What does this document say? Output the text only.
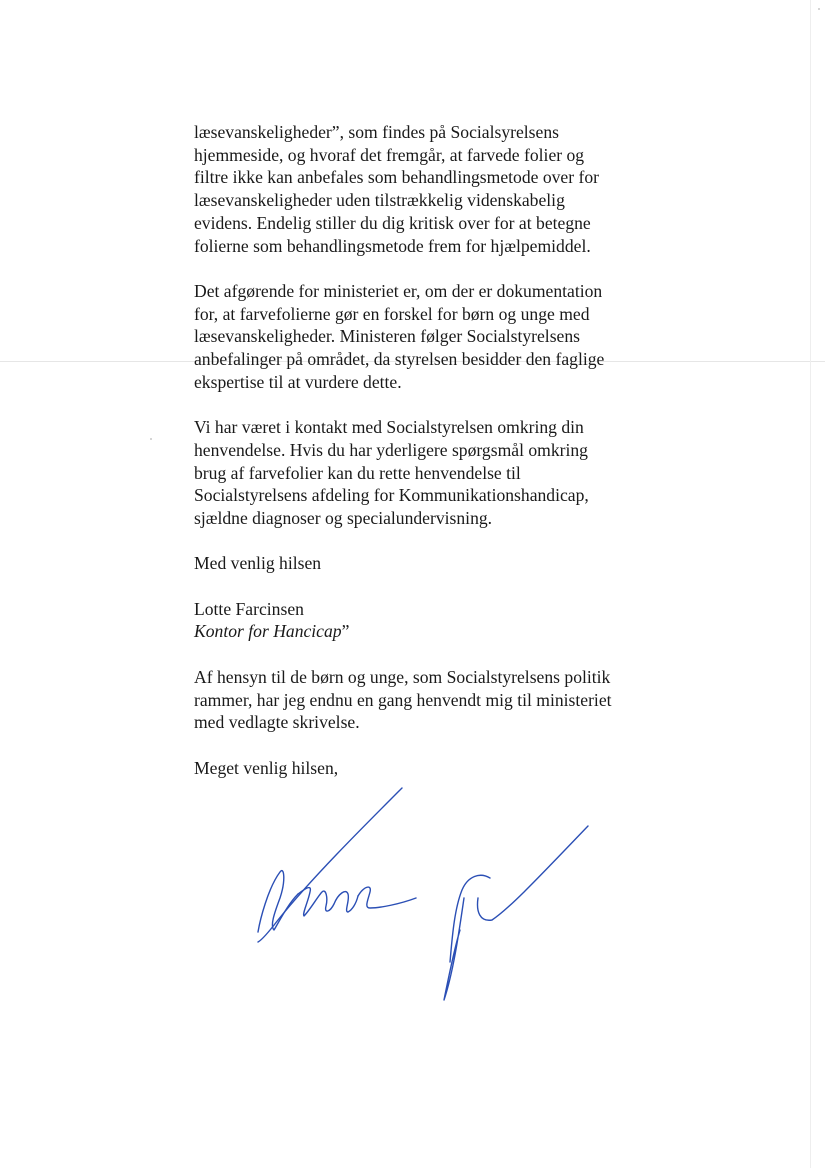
læsevanskeligheder”, som findes på Socialsyrelsens
hjemmeside, og hvoraf det fremgår, at farvede folier og
filtre ikke kan anbefales som behandlingsmetode over for
læsevanskeligheder uden tilstrækkelig videnskabelig
evidens. Endelig stiller du dig kritisk over for at betegne
folierne som behandlingsmetode frem for hjælpemiddel.

Det afgørende for ministeriet er, om der er dokumentation
for, at farvefolierne gør en forskel for børn og unge med
læsevanskeligheder. Ministeren følger Socialstyrelsens
anbefalinger på området, da styrelsen besidder den faglige
ekspertise til at vurdere dette.

Vi har været i kontakt med Socialstyrelsen omkring din
henvendelse. Hvis du har yderligere spørgsmål omkring
brug af farvefolier kan du rette henvendelse til
Socialstyrelsens afdeling for Kommunikationshandicap,
sjældne diagnoser og specialundervisning.

Med venlig hilsen

Lotte Farcinsen
Kontor for Hancicap”

Af hensyn til de børn og unge, som Socialstyrelsens politik
rammer, har jeg endnu en gang henvendt mig til ministeriet
med vedlagte skrivelse.

Meget venlig hilsen,
